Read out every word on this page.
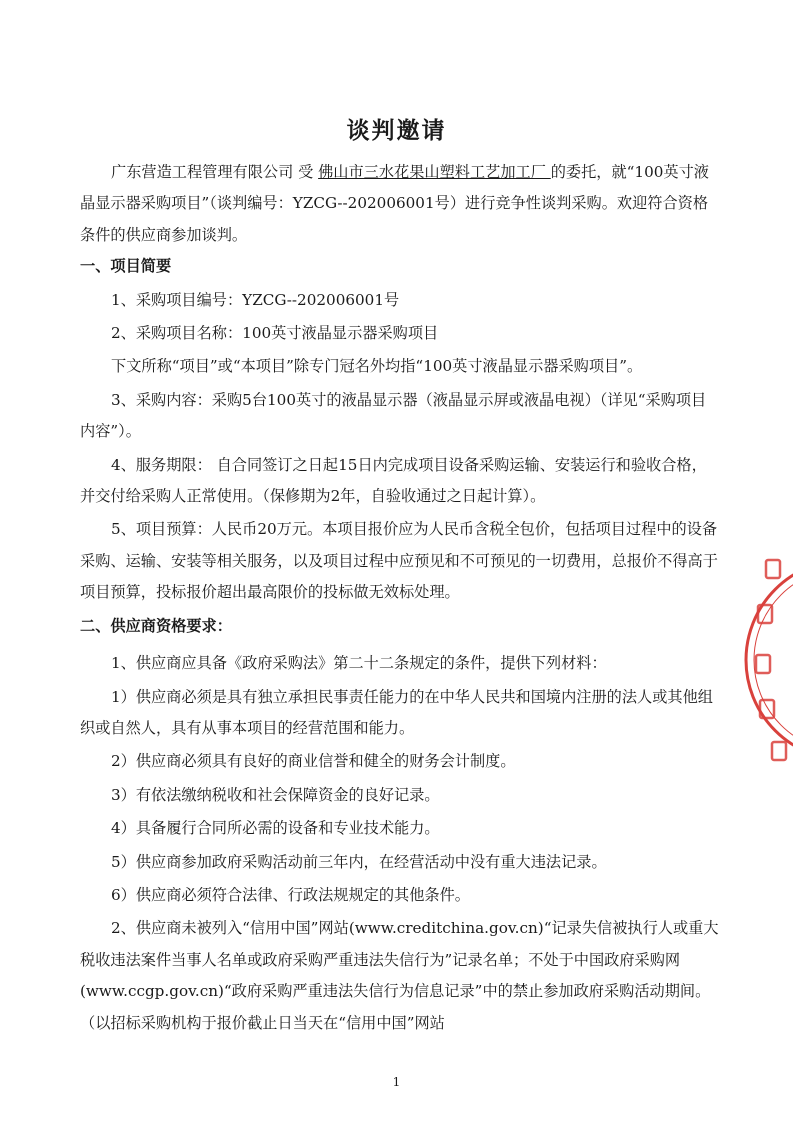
谈判邀请

广东营造工程管理有限公司 受 佛山市三水花果山塑料工艺加工厂 的委托，就“100英寸液晶显示器采购项目”（谈判编号：YZCG--202006001号）进行竞争性谈判采购。欢迎符合资格条件的供应商参加谈判。

一、项目简要

1、采购项目编号：YZCG--202006001号

2、采购项目名称：100英寸液晶显示器采购项目

下文所称“项目”或“本项目”除专门冠名外均指“100英寸液晶显示器采购项目”。

3、采购内容：采购5台100英寸的液晶显示器（液晶显示屏或液晶电视）（详见“采购项目内容”）。

4、服务期限： 自合同签订之日起15日内完成项目设备采购运输、安装运行和验收合格，并交付给采购人正常使用。（保修期为2年，自验收通过之日起计算）。

5、项目预算：人民币20万元。本项目报价应为人民币含税全包价，包括项目过程中的设备采购、运输、安装等相关服务，以及项目过程中应预见和不可预见的一切费用，总报价不得高于项目预算，投标报价超出最高限价的投标做无效标处理。

二、供应商资格要求：

1、供应商应具备《政府采购法》第二十二条规定的条件，提供下列材料：

1）供应商必须是具有独立承担民事责任能力的在中华人民共和国境内注册的法人或其他组织或自然人，具有从事本项目的经营范围和能力。

2）供应商必须具有良好的商业信誉和健全的财务会计制度。

3）有依法缴纳税收和社会保障资金的良好记录。

4）具备履行合同所必需的设备和专业技术能力。

5）供应商参加政府采购活动前三年内，在经营活动中没有重大违法记录。

6）供应商必须符合法律、行政法规规定的其他条件。

2、供应商未被列入“信用中国”网站(www.creditchina.gov.cn)“记录失信被执行人或重大税收违法案件当事人名单或政府采购严重违法失信行为”记录名单；不处于中国政府采购网(www.ccgp.gov.cn)“政府采购严重违法失信行为信息记录”中的禁止参加政府采购活动期间。（以招标采购机构于报价截止日当天在“信用中国”网站

1
